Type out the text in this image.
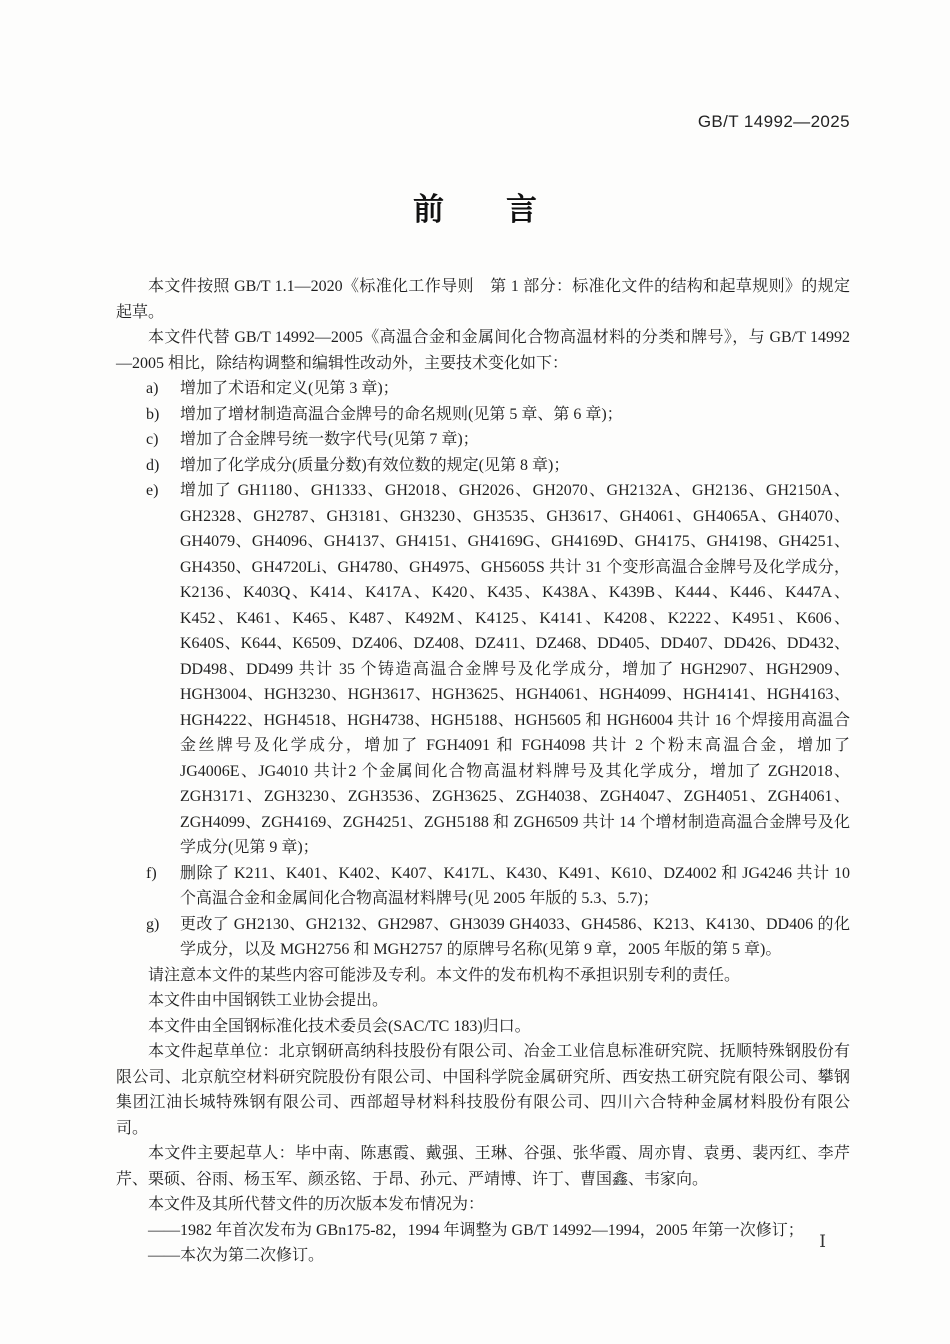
GB/T 14992—2025
前　　言

本文件按照 GB/T 1.1—2020《标准化工作导则　第 1 部分：标准化文件的结构和起草规则》的规定起草。

本文件代替 GB/T 14992—2005《高温合金和金属间化合物高温材料的分类和牌号》，与 GB/T 14992—2005 相比，除结构调整和编辑性改动外，主要技术变化如下：

a) 增加了术语和定义(见第 3 章)；
b) 增加了增材制造高温合金牌号的命名规则(见第 5 章、第 6 章)；
c) 增加了合金牌号统一数字代号(见第 7 章)；
d) 增加了化学成分(质量分数)有效位数的规定(见第 8 章)；
e) 增加了 GH1180、GH1333、GH2018、GH2026、GH2070、GH2132A、GH2136、GH2150A、GH2328、GH2787、GH3181、GH3230、GH3535、GH3617、GH4061、GH4065A、GH4070、GH4079、GH4096、GH4137、GH4151、GH4169G、GH4169D、GH4175、GH4198、GH4251、GH4350、GH4720Li、GH4780、GH4975、GH5605S 共计 31 个变形高温合金牌号及化学成分，K2136、K403Q、K414、K417A、K420、K435、K438A、K439B、K444、K446、K447A、K452、K461、K465、K487、K492M、K4125、K4141、K4208、K2222、K4951、K606、K640S、K644、K6509、DZ406、DZ408、DZ411、DZ468、DD405、DD407、DD426、DD432、DD498、DD499 共计 35 个铸造高温合金牌号及化学成分，增加了 HGH2907、HGH2909、HGH3004、HGH3230、HGH3617、HGH3625、HGH4061、HGH4099、HGH4141、HGH4163、HGH4222、HGH4518、HGH4738、HGH5188、HGH5605 和 HGH6004 共计 16 个焊接用高温合金丝牌号及化学成分，增加了 FGH4091 和 FGH4098 共计 2 个粉末高温合金，增加了 JG4006E、JG4010 共计2 个金属间化合物高温材料牌号及其化学成分，增加了 ZGH2018、ZGH3171、ZGH3230、ZGH3536、ZGH3625、ZGH4038、ZGH4047、ZGH4051、ZGH4061、ZGH4099、ZGH4169、ZGH4251、ZGH5188 和 ZGH6509 共计 14 个增材制造高温合金牌号及化学成分(见第 9 章)；
f) 删除了 K211、K401、K402、K407、K417L、K430、K491、K610、DZ4002 和 JG4246 共计 10 个高温合金和金属间化合物高温材料牌号(见 2005 年版的 5.3、5.7)；
g) 更改了 GH2130、GH2132、GH2987、GH3039 GH4033、GH4586、K213、K4130、DD406 的化学成分，以及 MGH2756 和 MGH2757 的原牌号名称(见第 9 章，2005 年版的第 5 章)。

请注意本文件的某些内容可能涉及专利。本文件的发布机构不承担识别专利的责任。

本文件由中国钢铁工业协会提出。

本文件由全国钢标准化技术委员会(SAC/TC 183)归口。

本文件起草单位：北京钢研高纳科技股份有限公司、冶金工业信息标准研究院、抚顺特殊钢股份有限公司、北京航空材料研究院股份有限公司、中国科学院金属研究所、西安热工研究院有限公司、攀钢集团江油长城特殊钢有限公司、西部超导材料科技股份有限公司、四川六合特种金属材料股份有限公司。

本文件主要起草人：毕中南、陈惠霞、戴强、王琳、谷强、张华霞、周亦胄、袁勇、裴丙红、李芹芹、栗硕、谷雨、杨玉军、颜丞铭、于昂、孙元、严靖博、许丁、曹国鑫、韦家向。

本文件及其所代替文件的历次版本发布情况为：

——1982 年首次发布为 GBn175-82，1994 年调整为 GB/T 14992—1994，2005 年第一次修订；

——本次为第二次修订。

Ⅰ
